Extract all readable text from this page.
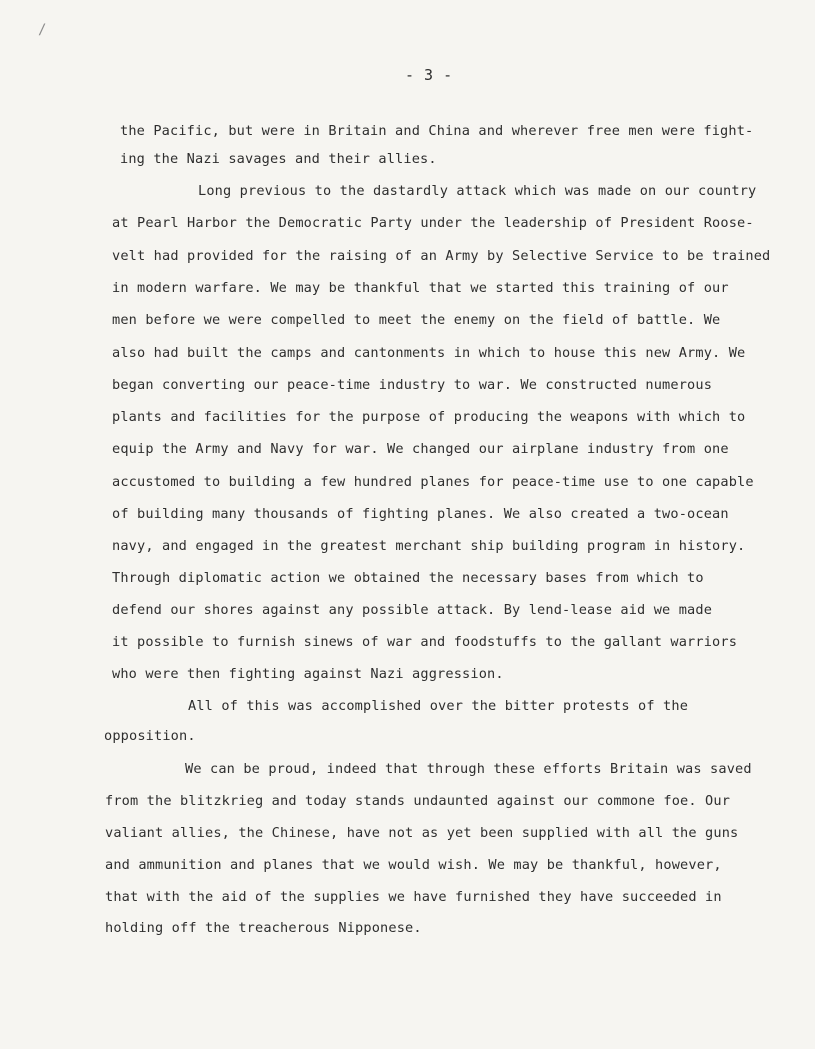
/
- 3 -
the Pacific, but were in Britain and China and wherever free men were fight-
ing the Nazi savages and their allies.
Long previous to the dastardly attack which was made on our country
at Pearl Harbor the Democratic Party under the leadership of President Roose-
velt had provided for the raising of an Army by Selective Service to be trained
in modern warfare. We may be thankful that we started this training of our
men before we were compelled to meet the enemy on the field of battle. We
also had built the camps and cantonments in which to house this new Army. We
began converting our peace-time industry to war. We constructed numerous
plants and facilities for the purpose of producing the weapons with which to
equip the Army and Navy for war. We changed our airplane industry from one
accustomed to building a few hundred planes for peace-time use to one capable
of building many thousands of fighting planes. We also created a two-ocean
navy, and engaged in the greatest merchant ship building program in history.
Through diplomatic action we obtained the necessary bases from which to
defend our shores against any possible attack. By lend-lease aid we made
it possible to furnish sinews of war and foodstuffs to the gallant warriors
who were then fighting against Nazi aggression.
All of this was accomplished over the bitter protests of the
opposition.
We can be proud, indeed that through these efforts Britain was saved
from the blitzkrieg and today stands undaunted against our commone foe. Our
valiant allies, the Chinese, have not as yet been supplied with all the guns
and ammunition and planes that we would wish. We may be thankful, however,
that with the aid of the supplies we have furnished they have succeeded in
holding off the treacherous Nipponese.
